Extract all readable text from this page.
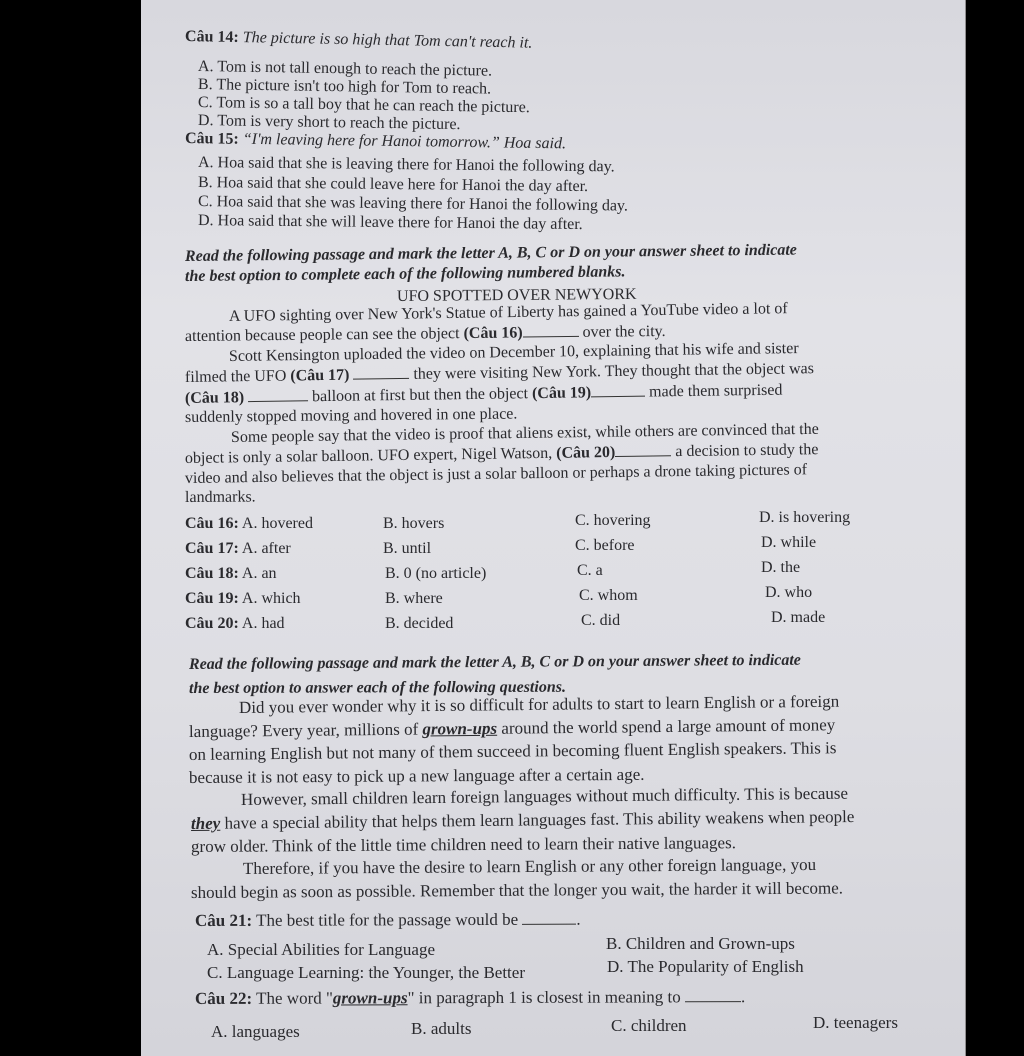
Câu 14: The picture is so high that Tom can't reach it.
A. Tom is not tall enough to reach the picture.
B. The picture isn't too high for Tom to reach.
C. Tom is so a tall boy that he can reach the picture.
D. Tom is very short to reach the picture.
Câu 15: “I'm leaving here for Hanoi tomorrow.” Hoa said.
A. Hoa said that she is leaving there for Hanoi the following day.
B. Hoa said that she could leave here for Hanoi the day after.
C. Hoa said that she was leaving there for Hanoi the following day.
D. Hoa said that she will leave there for Hanoi the day after.
Read the following passage and mark the letter A, B, C or D on your answer sheet to indicate
the best option to complete each of the following numbered blanks.
UFO SPOTTED OVER NEWYORK
A UFO sighting over New York's Statue of Liberty has gained a YouTube video a lot of
attention because people can see the object (Câu 16)	over the city.
Scott Kensington uploaded the video on December 10, explaining that his wife and sister
filmed the UFO (Câu 17)	they were visiting New York. They thought that the object was
(Câu 18)	balloon at first but then the object (Câu 19)	made them surprised
suddenly stopped moving and hovered in one place.
Some people say that the video is proof that aliens exist, while others are convinced that the
object is only a solar balloon. UFO expert, Nigel Watson, (Câu 20)	a decision to study the
video and also believes that the object is just a solar balloon or perhaps a drone taking pictures of
landmarks.
Câu 16: A. hovered	B. hovers	C. hovering	D. is hovering
Câu 17: A. after	B. until	C. before	D. while
Câu 18: A. an	B. 0 (no article)	C. a	D. the
Câu 19: A. which	B. where	C. whom	D. who
Câu 20: A. had	B. decided	C. did	D. made
Read the following passage and mark the letter A, B, C or D on your answer sheet to indicate
the best option to answer each of the following questions.
Did you ever wonder why it is so difficult for adults to start to learn English or a foreign
language? Every year, millions of grown-ups around the world spend a large amount of money
on learning English but not many of them succeed in becoming fluent English speakers. This is
because it is not easy to pick up a new language after a certain age.
However, small children learn foreign languages without much difficulty. This is because
they have a special ability that helps them learn languages fast. This ability weakens when people
grow older. Think of the little time children need to learn their native languages.
Therefore, if you have the desire to learn English or any other foreign language, you
should begin as soon as possible. Remember that the longer you wait, the harder it will become.
Câu 21: The best title for the passage would be	.
A. Special Abilities for Language	B. Children and Grown-ups
C. Language Learning: the Younger, the Better	D. The Popularity of English
Câu 22: The word "grown-ups" in paragraph 1 is closest in meaning to	.
A. languages	B. adults	C. children	D. teenagers
